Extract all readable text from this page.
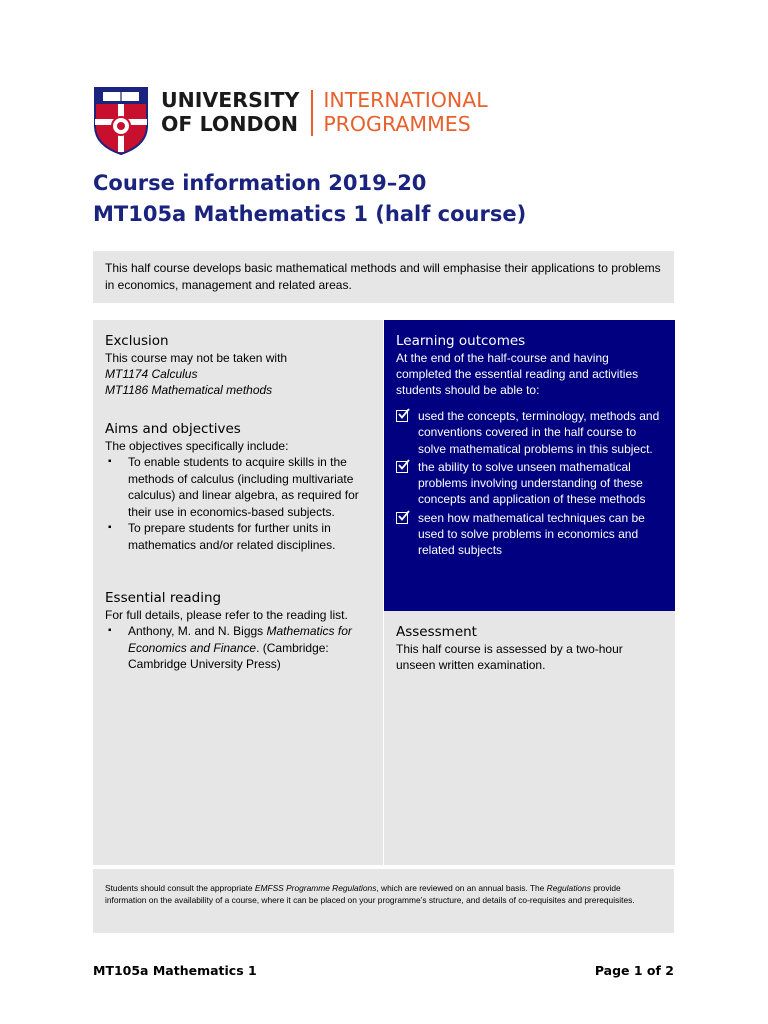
UNIVERSITY
OF LONDON
INTERNATIONAL
PROGRAMMES
Course information 2019–20
MT105a Mathematics 1 (half course)
This half course develops basic mathematical methods and will emphasise their applications to problems in economics, management and related areas.
Exclusion
This course may not be taken with
MT1174 Calculus
MT1186 Mathematical methods
Aims and objectives
The objectives specifically include:
▪ To enable students to acquire skills in the methods of calculus (including multivariate calculus) and linear algebra, as required for their use in economics-based subjects.
▪ To prepare students for further units in mathematics and/or related disciplines.
Essential reading
For full details, please refer to the reading list.
▪ Anthony, M. and N. Biggs Mathematics for Economics and Finance. (Cambridge: Cambridge University Press)
Learning outcomes
At the end of the half-course and having completed the essential reading and activities students should be able to:
used the concepts, terminology, methods and conventions covered in the half course to solve mathematical problems in this subject.
the ability to solve unseen mathematical problems involving understanding of these concepts and application of these methods
seen how mathematical techniques can be used to solve problems in economics and related subjects
Assessment
This half course is assessed by a two-hour unseen written examination.
Students should consult the appropriate EMFSS Programme Regulations, which are reviewed on an annual basis. The Regulations provide information on the availability of a course, where it can be placed on your programme’s structure, and details of co-requisites and prerequisites.
MT105a Mathematics 1	Page 1 of 2
